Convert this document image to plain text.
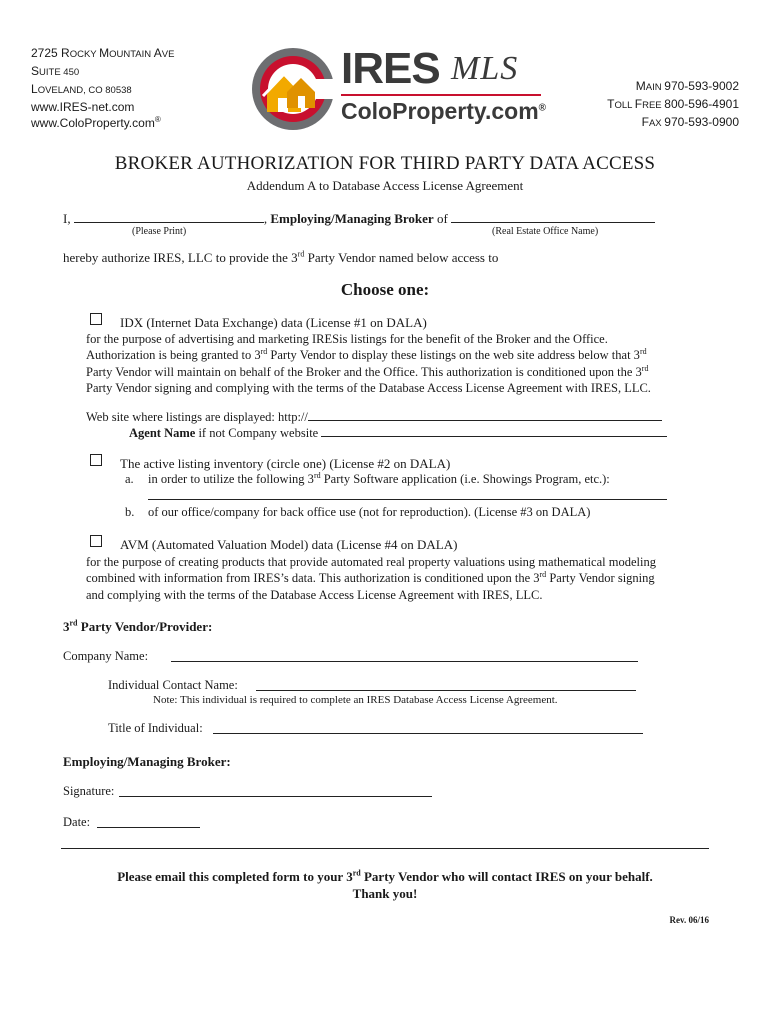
2725 ROCKY MOUNTAIN AVE
SUITE 450
LOVELAND, CO 80538
www.IRES-net.com
www.ColoProperty.com®
IRES MLS
ColoProperty.com®
MAIN 970-593-9002
TOLL FREE 800-596-4901
FAX 970-593-0900
BROKER AUTHORIZATION FOR THIRD PARTY DATA ACCESS
Addendum A to Database Access License Agreement
I,	, Employing/Managing Broker of
(Please Print)	(Real Estate Office Name)
hereby authorize IRES, LLC to provide the 3rd Party Vendor named below access to
Choose one:
IDX (Internet Data Exchange) data (License #1 on DALA)
for the purpose of advertising and marketing IRESis listings for the benefit of the Broker and the Office.
Authorization is being granted to 3rd Party Vendor to display these listings on the web site address below that 3rd
Party Vendor will maintain on behalf of the Broker and the Office. This authorization is conditioned upon the 3rd
Party Vendor signing and complying with the terms of the Database Access License Agreement with IRES, LLC.
Web site where listings are displayed: http://
Agent Name if not Company website
The active listing inventory (circle one) (License #2 on DALA)
a. in order to utilize the following 3rd Party Software application (i.e. Showings Program, etc.):
b. of our office/company for back office use (not for reproduction). (License #3 on DALA)
AVM (Automated Valuation Model) data (License #4 on DALA)
for the purpose of creating products that provide automated real property valuations using mathematical modeling
combined with information from IRES’s data. This authorization is conditioned upon the 3rd Party Vendor signing
and complying with the terms of the Database Access License Agreement with IRES, LLC.
3rd Party Vendor/Provider:
Company Name:
Individual Contact Name:
Note: This individual is required to complete an IRES Database Access License Agreement.
Title of Individual:
Employing/Managing Broker:
Signature:
Date:
Please email this completed form to your 3rd Party Vendor who will contact IRES on your behalf.
Thank you!
Rev. 06/16
